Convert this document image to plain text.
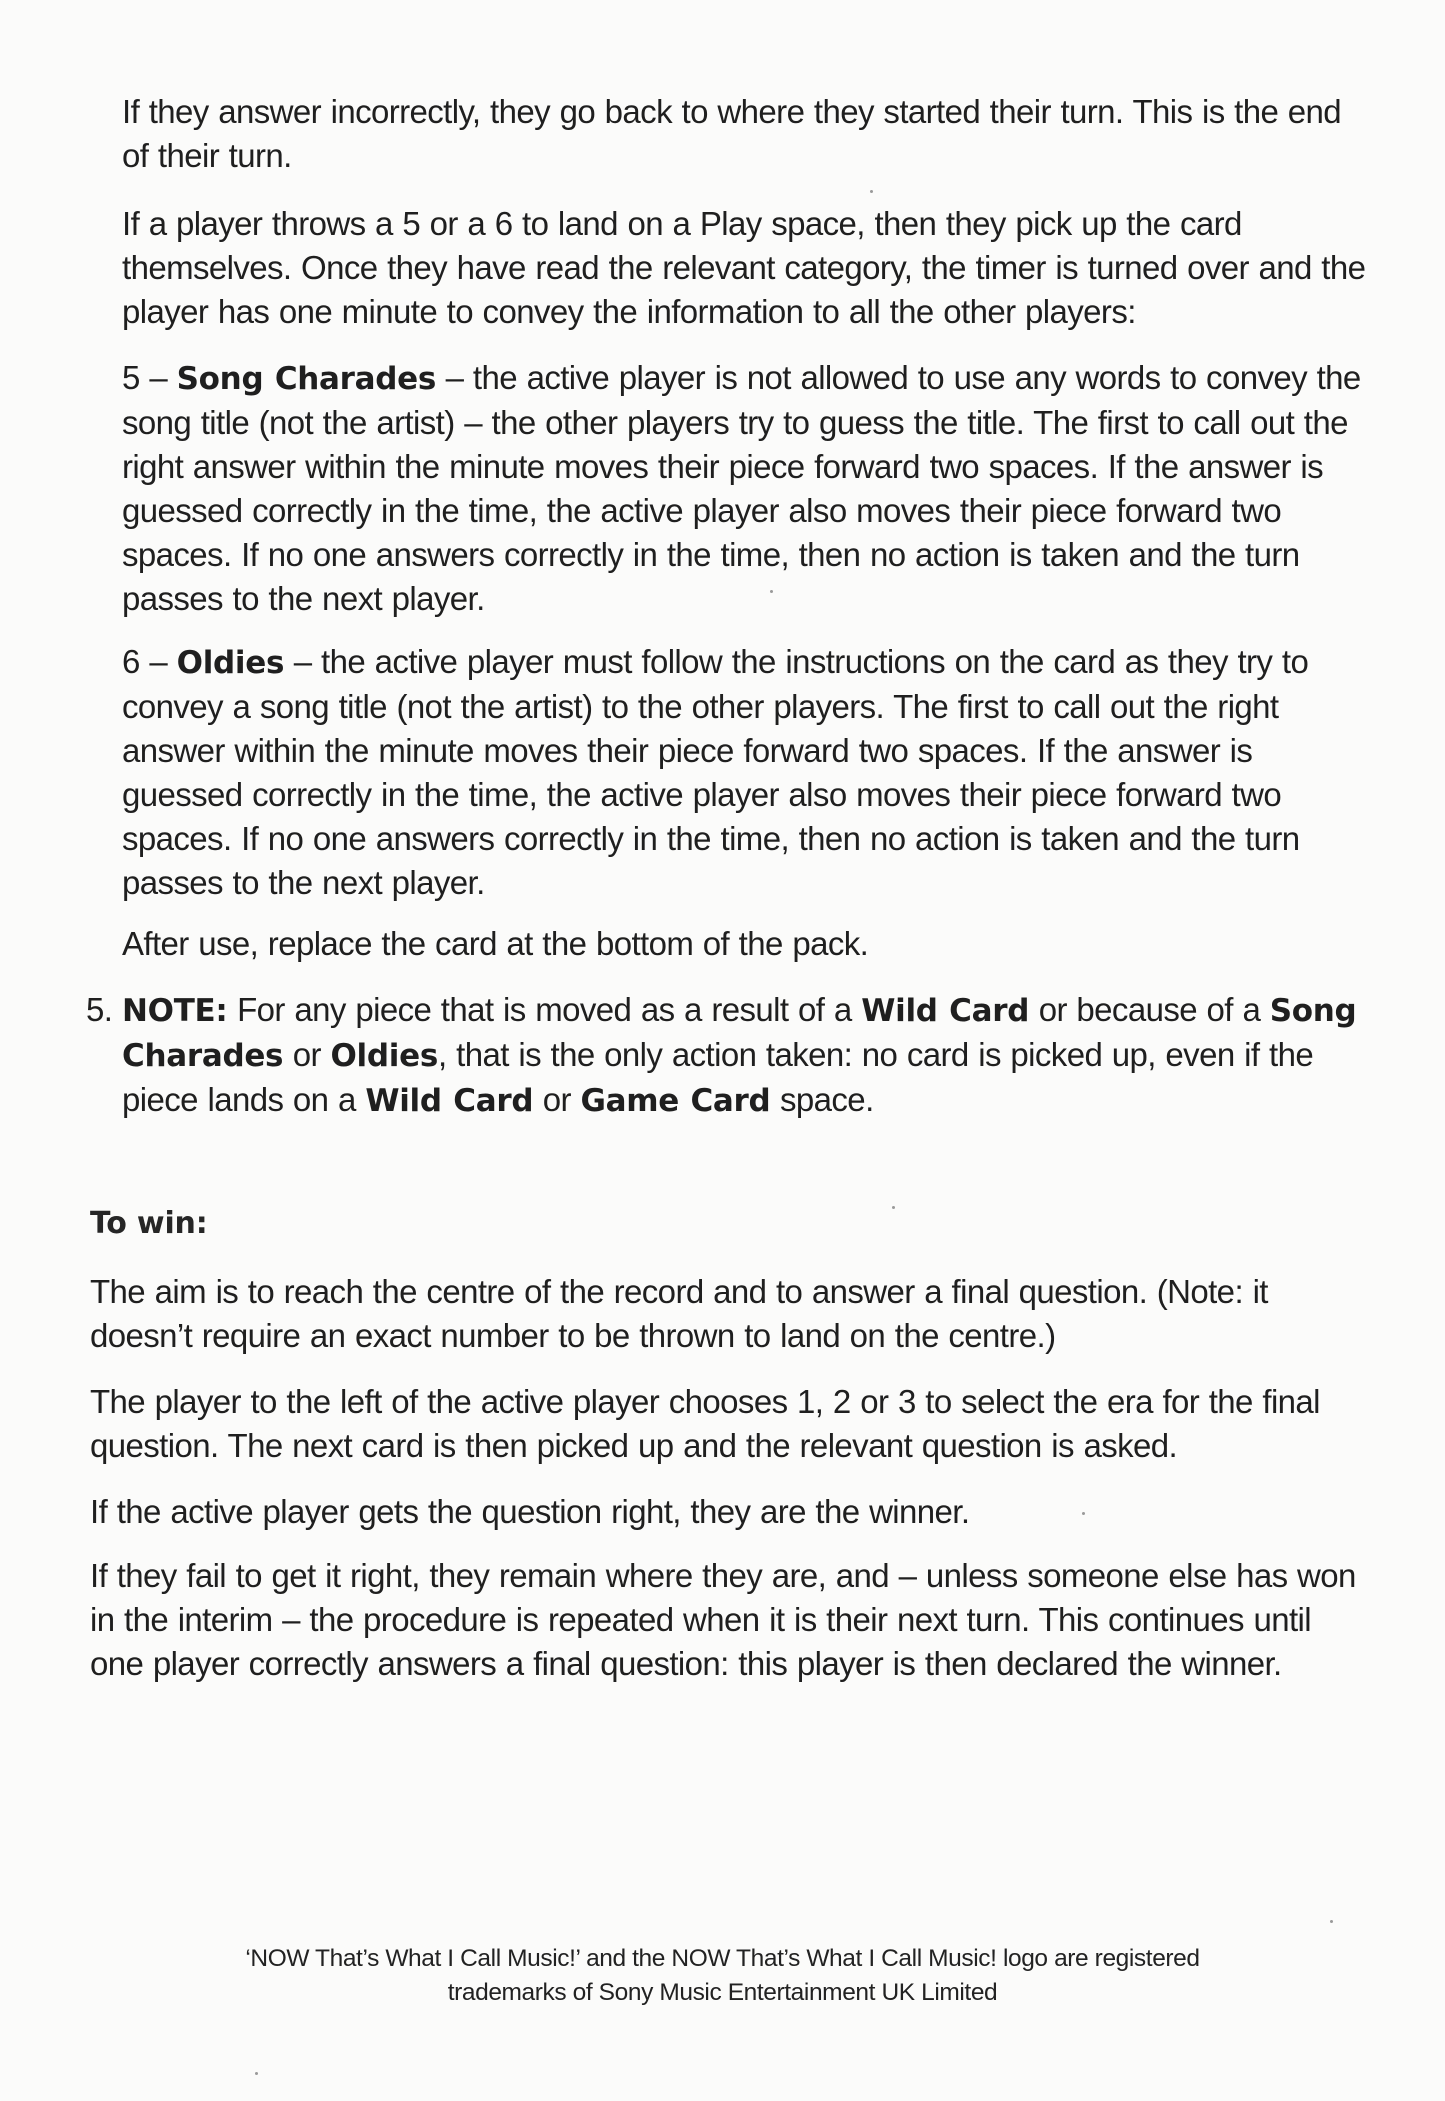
If they answer incorrectly, they go back to where they started their turn. This is the end of their turn.

If a player throws a 5 or a 6 to land on a Play space, then they pick up the card themselves. Once they have read the relevant category, the timer is turned over and the player has one minute to convey the information to all the other players:

5 – Song Charades – the active player is not allowed to use any words to convey the song title (not the artist) – the other players try to guess the title. The first to call out the right answer within the minute moves their piece forward two spaces. If the answer is guessed correctly in the time, the active player also moves their piece forward two spaces. If no one answers correctly in the time, then no action is taken and the turn passes to the next player.

6 – Oldies – the active player must follow the instructions on the card as they try to convey a song title (not the artist) to the other players. The first to call out the right answer within the minute moves their piece forward two spaces. If the answer is guessed correctly in the time, the active player also moves their piece forward two spaces. If no one answers correctly in the time, then no action is taken and the turn passes to the next player.

After use, replace the card at the bottom of the pack.

5. NOTE: For any piece that is moved as a result of a Wild Card or because of a Song Charades or Oldies, that is the only action taken: no card is picked up, even if the piece lands on a Wild Card or Game Card space.

To win:

The aim is to reach the centre of the record and to answer a final question. (Note: it doesn’t require an exact number to be thrown to land on the centre.)

The player to the left of the active player chooses 1, 2 or 3 to select the era for the final question. The next card is then picked up and the relevant question is asked.

If the active player gets the question right, they are the winner.

If they fail to get it right, they remain where they are, and – unless someone else has won in the interim – the procedure is repeated when it is their next turn. This continues until one player correctly answers a final question: this player is then declared the winner.

‘NOW That’s What I Call Music!’ and the NOW That’s What I Call Music! logo are registered
trademarks of Sony Music Entertainment UK Limited
